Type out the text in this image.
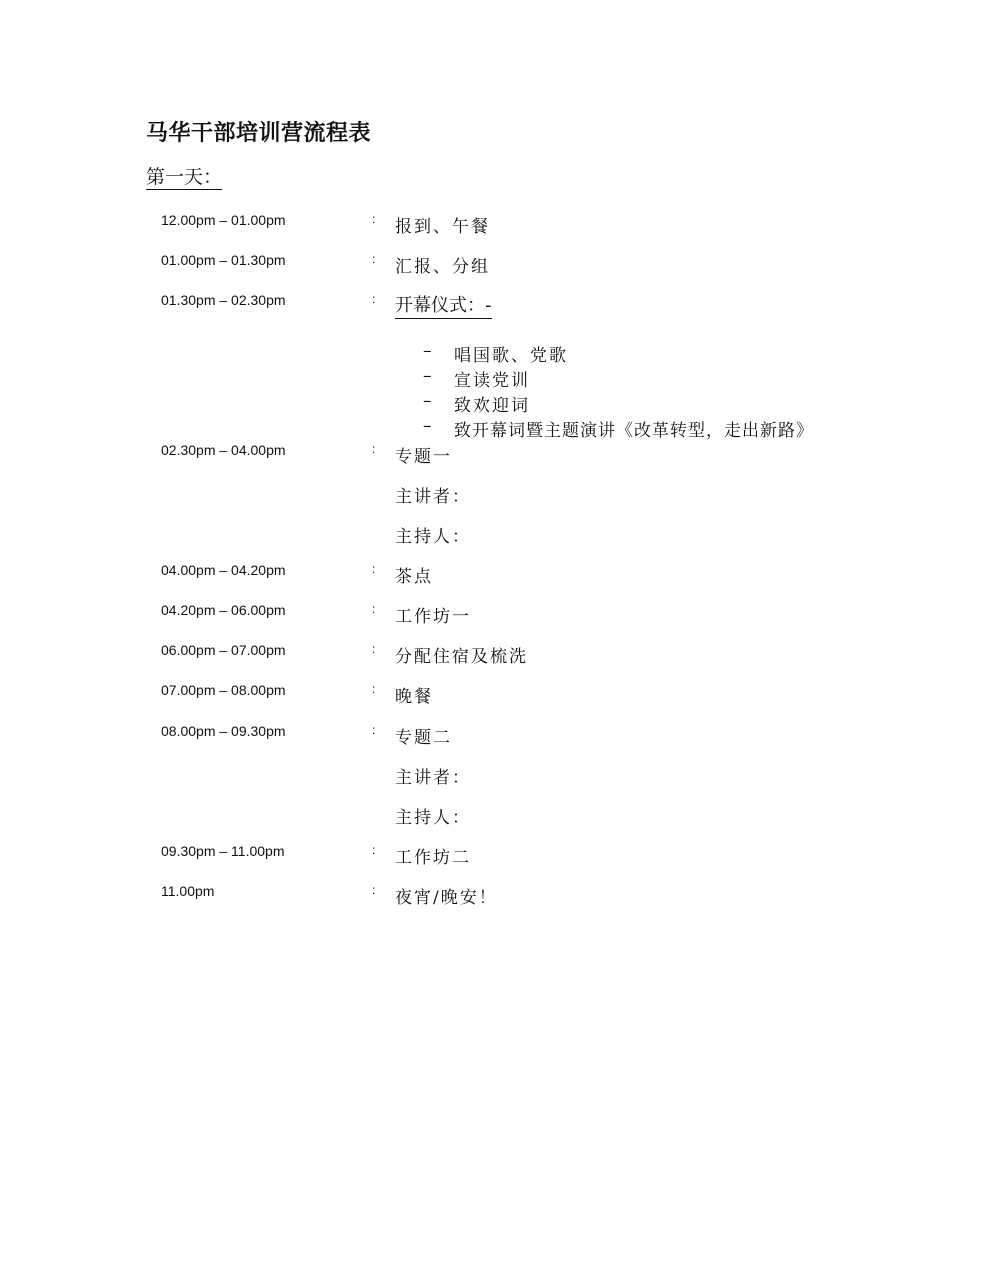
马华干部培训营流程表
第一天：
12.00pm – 01.00pm	: 报到、午餐
01.00pm – 01.30pm	: 汇报、分组
01.30pm – 02.30pm	: 开幕仪式：-
– 唱国歌、党歌
– 宣读党训
– 致欢迎词
– 致开幕词暨主题演讲《改革转型，走出新路》
02.30pm – 04.00pm	: 专题一
主讲者：
主持人：
04.00pm – 04.20pm	: 茶点
04.20pm – 06.00pm	: 工作坊一
06.00pm – 07.00pm	: 分配住宿及梳洗
07.00pm – 08.00pm	: 晚餐
08.00pm – 09.30pm	: 专题二
主讲者：
主持人：
09.30pm – 11.00pm	: 工作坊二
11.00pm	: 夜宵/晚安！
